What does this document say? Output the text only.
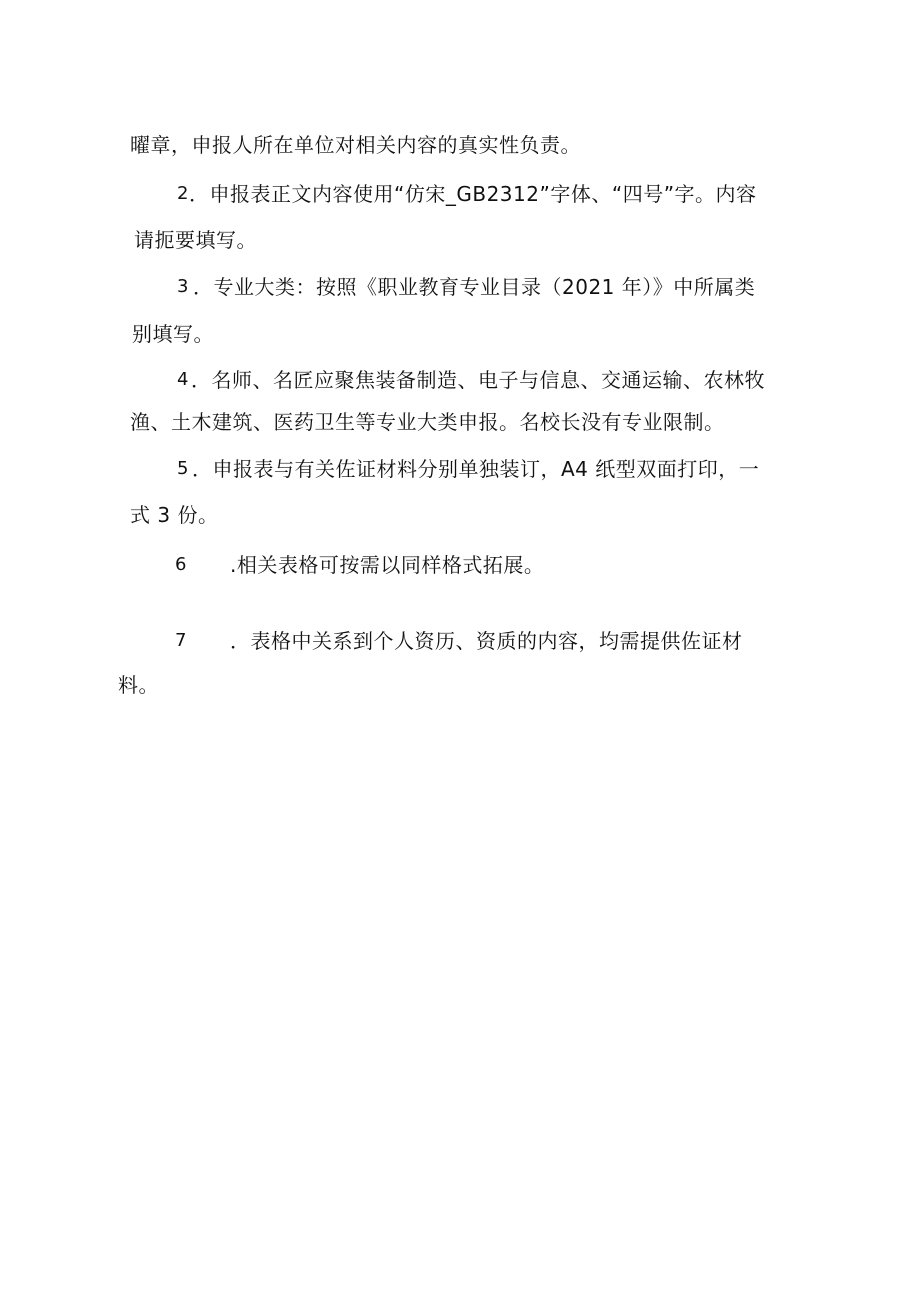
曜章，申报人所在单位对相关内容的真实性负责。
2 ．申报表正文内容使用“仿宋_GB2312”字体、“四号”字。内容
请扼要填写。
3 ．专业大类：按照《职业教育专业目录（2021 年）》中所属类
别填写。
4 ．名师、名匠应聚焦装备制造、电子与信息、交通运输、农林牧
渔、土木建筑、医药卫生等专业大类申报。名校长没有专业限制。
5 ．申报表与有关佐证材料分别单独装订，A4 纸型双面打印，一
式 3 份。
6 .相关表格可按需以同样格式拓展。
7 ．表格中关系到个人资历、资质的内容，均需提供佐证材
料。
